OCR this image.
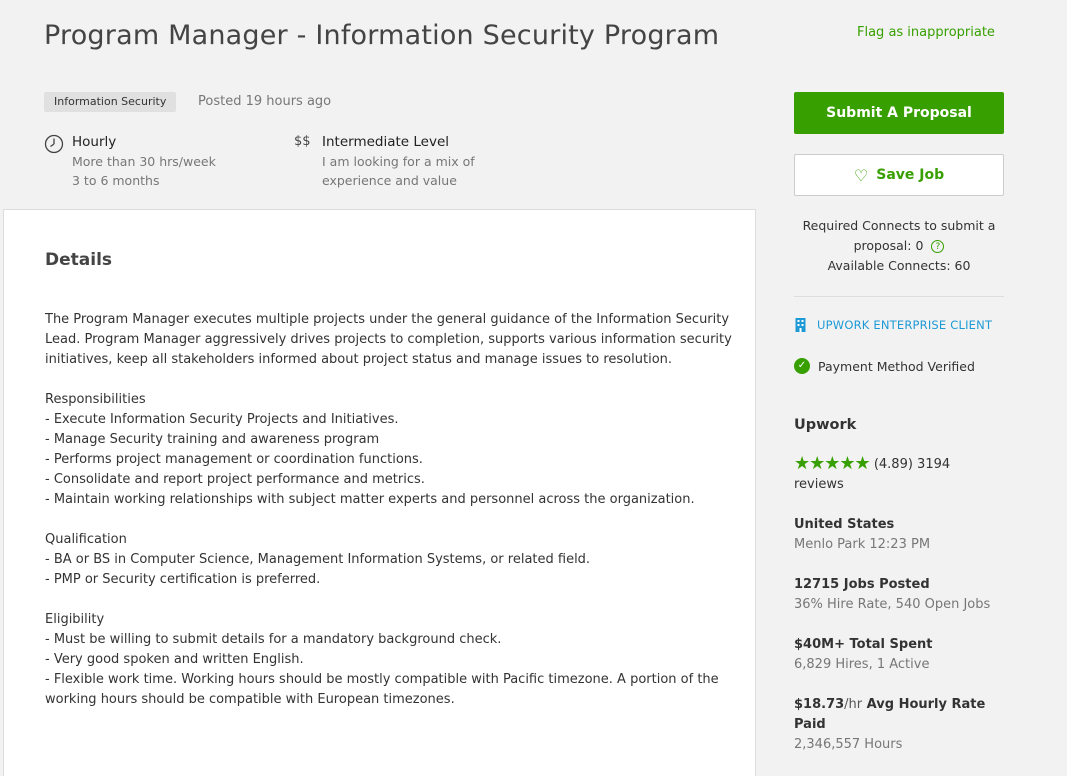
Program Manager - Information Security Program	Flag as inappropriate
Information Security	Posted 19 hours ago
Hourly
More than 30 hrs/week
3 to 6 months
$$ Intermediate Level
I am looking for a mix of
experience and value
Details

The Program Manager executes multiple projects under the general guidance of the Information Security Lead. Program Manager aggressively drives projects to completion, supports various information security initiatives, keep all stakeholders informed about project status and manage issues to resolution.

Responsibilities

- Execute Information Security Projects and Initiatives.

- Manage Security training and awareness program

- Performs project management or coordination functions.

- Consolidate and report project performance and metrics.

- Maintain working relationships with subject matter experts and personnel across the organization.

Qualification

- BA or BS in Computer Science, Management Information Systems, or related field.

- PMP or Security certification is preferred.

Eligibility

- Must be willing to submit details for a mandatory background check.

- Very good spoken and written English.

- Flexible work time. Working hours should be mostly compatible with Pacific timezone. A portion of the working hours should be compatible with European timezones.

Submit A Proposal
♡ Save Job
Required Connects to submit a proposal: 0 ?
Available Connects: 60
UPWORK ENTERPRISE CLIENT
✓ Payment Method Verified
Upwork
★★★★★ (4.89) 3194
reviews
United States
Menlo Park 12:23 PM
12715 Jobs Posted
36% Hire Rate, 540 Open Jobs
$40M+ Total Spent
6,829 Hires, 1 Active
$18.73/hr Avg Hourly Rate Paid
2,346,557 Hours
